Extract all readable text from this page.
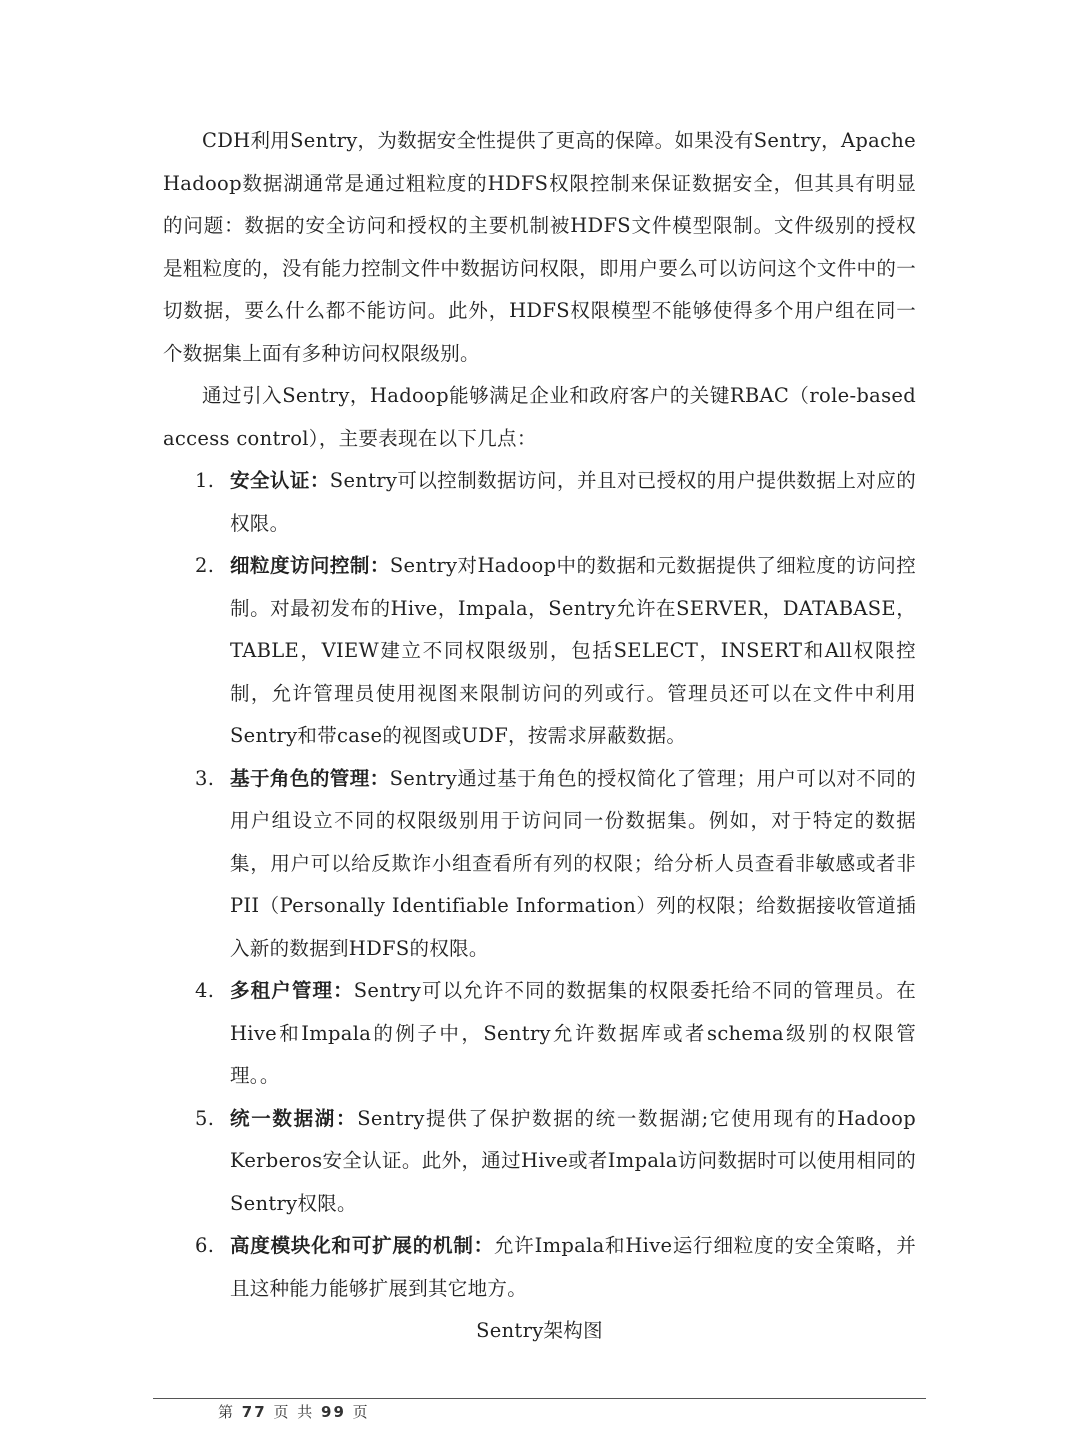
CDH利用Sentry，为数据安全性提供了更高的保障。如果没有Sentry，Apache Hadoop数据湖通常是通过粗粒度的HDFS权限控制来保证数据安全，但其具有明显的问题：数据的安全访问和授权的主要机制被HDFS文件模型限制。文件级别的授权是粗粒度的，没有能力控制文件中数据访问权限，即用户要么可以访问这个文件中的一切数据，要么什么都不能访问。此外，HDFS权限模型不能够使得多个用户组在同一个数据集上面有多种访问权限级别。

通过引入Sentry，Hadoop能够满足企业和政府客户的关键RBAC（role-based access control），主要表现在以下几点：

1. 安全认证：Sentry可以控制数据访问，并且对已授权的用户提供数据上对应的权限。
2. 细粒度访问控制：Sentry对Hadoop中的数据和元数据提供了细粒度的访问控制。对最初发布的Hive，Impala，Sentry允许在SERVER，DATABASE，TABLE，VIEW建立不同权限级别，包括SELECT，INSERT和All权限控制，允许管理员使用视图来限制访问的列或行。管理员还可以在文件中利用Sentry和带case的视图或UDF，按需求屏蔽数据。
3. 基于角色的管理：Sentry通过基于角色的授权简化了管理；用户可以对不同的用户组设立不同的权限级别用于访问同一份数据集。例如，对于特定的数据集，用户可以给反欺诈小组查看所有列的权限；给分析人员查看非敏感或者非PII（Personally Identifiable Information）列的权限；给数据接收管道插入新的数据到HDFS的权限。
4. 多租户管理：Sentry可以允许不同的数据集的权限委托给不同的管理员。在Hive和Impala的例子中，Sentry允许数据库或者schema级别的权限管理。。
5. 统一数据湖：Sentry提供了保护数据的统一数据湖;它使用现有的Hadoop Kerberos安全认证。此外，通过Hive或者Impala访问数据时可以使用相同的Sentry权限。
6. 高度模块化和可扩展的机制：允许Impala和Hive运行细粒度的安全策略，并且这种能力能够扩展到其它地方。

Sentry架构图

第 77 页 共 99 页
